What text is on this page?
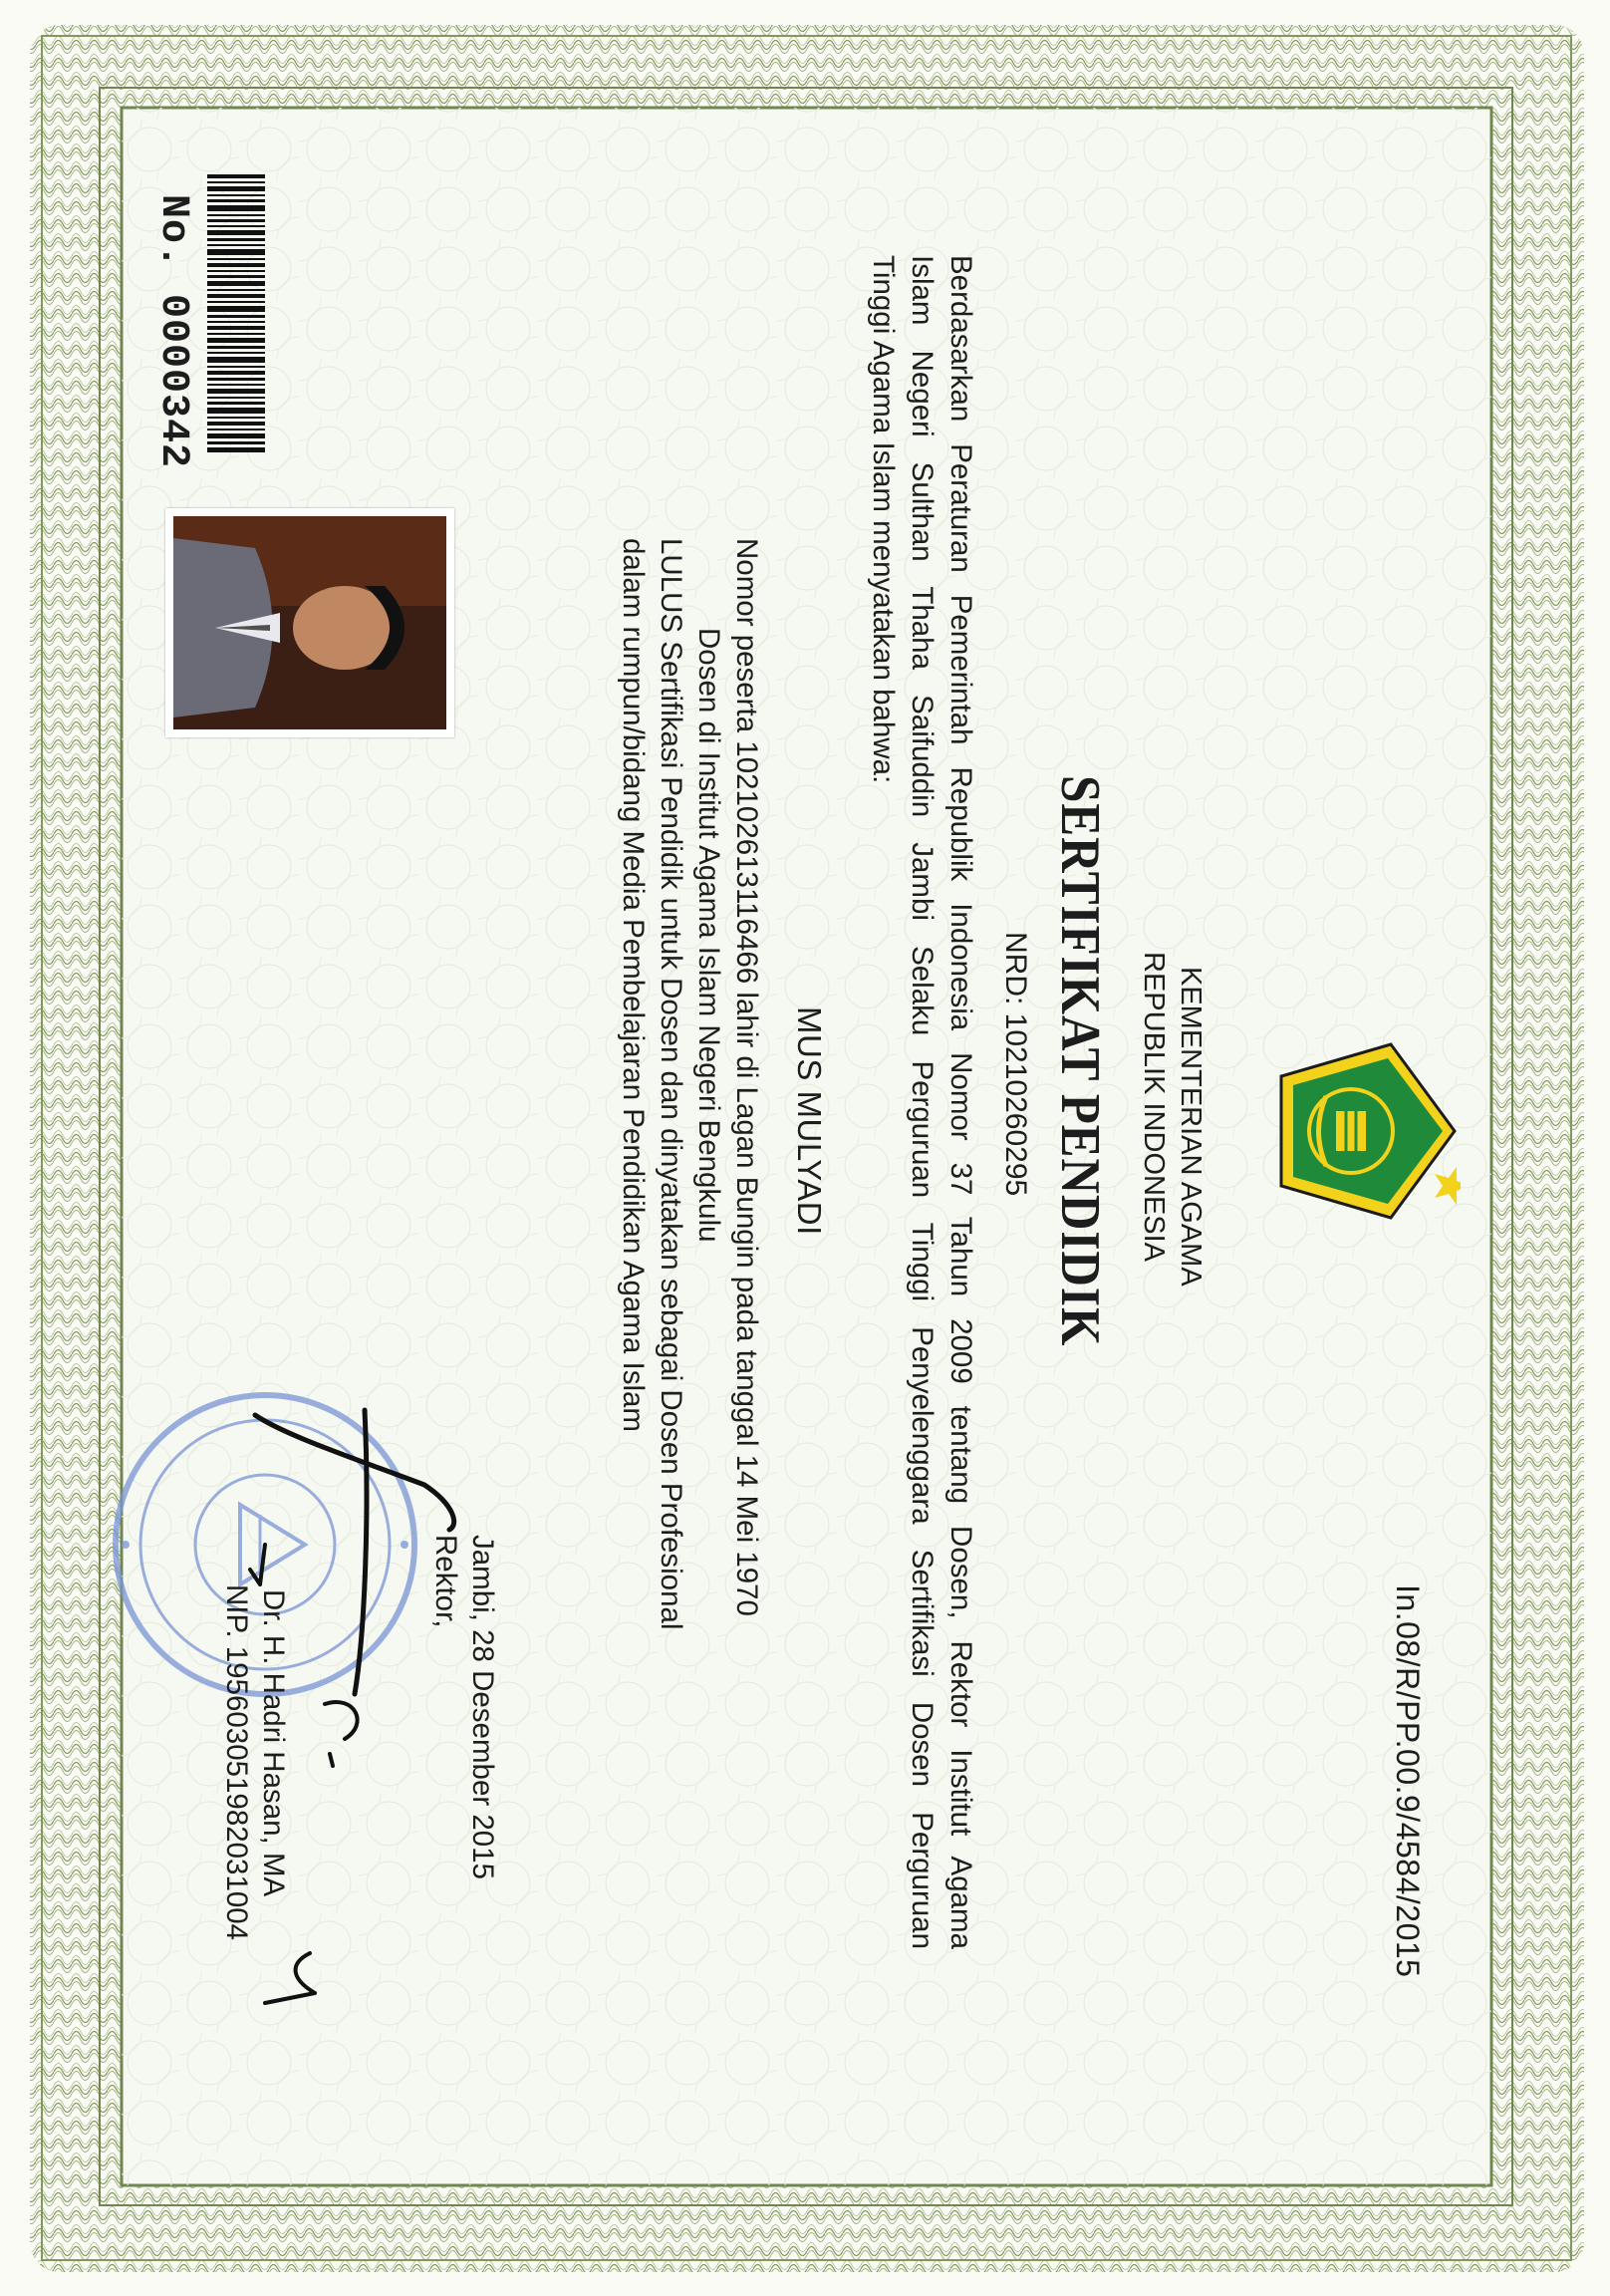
In.08/R/PP.00.9/4584/2015
KEMENTERIAN AGAMA
REPUBLIK INDONESIA
SERTIFIKAT PENDIDIK
NRD: 10210260295
Berdasarkan Peraturan Pemerintah Republik Indonesia Nomor 37 Tahun 2009 tentang Dosen, Rektor Institut Agama
Islam Negeri Sulthan Thaha Saifuddin Jambi Selaku Perguruan Tinggi Penyelenggara Sertifikasi Dosen Perguruan
Tinggi Agama Islam menyatakan bahwa:
MUS MULYADI
Nomor peserta 102102613116466 lahir di Lagan Bungin pada tanggal 14 Mei 1970
Dosen di Institut Agama Islam Negeri Bengkulu
LULUS Sertifikasi Pendidik untuk Dosen dan dinyatakan sebagai Dosen Profesional
dalam rumpun/bidang Media Pembelajaran Pendidikan Agama Islam
Jambi, 28 Desember 2015
Rektor,
Dr. H. Hadri Hasan, MA
NIP. 195603051982031004
No. 0000342
